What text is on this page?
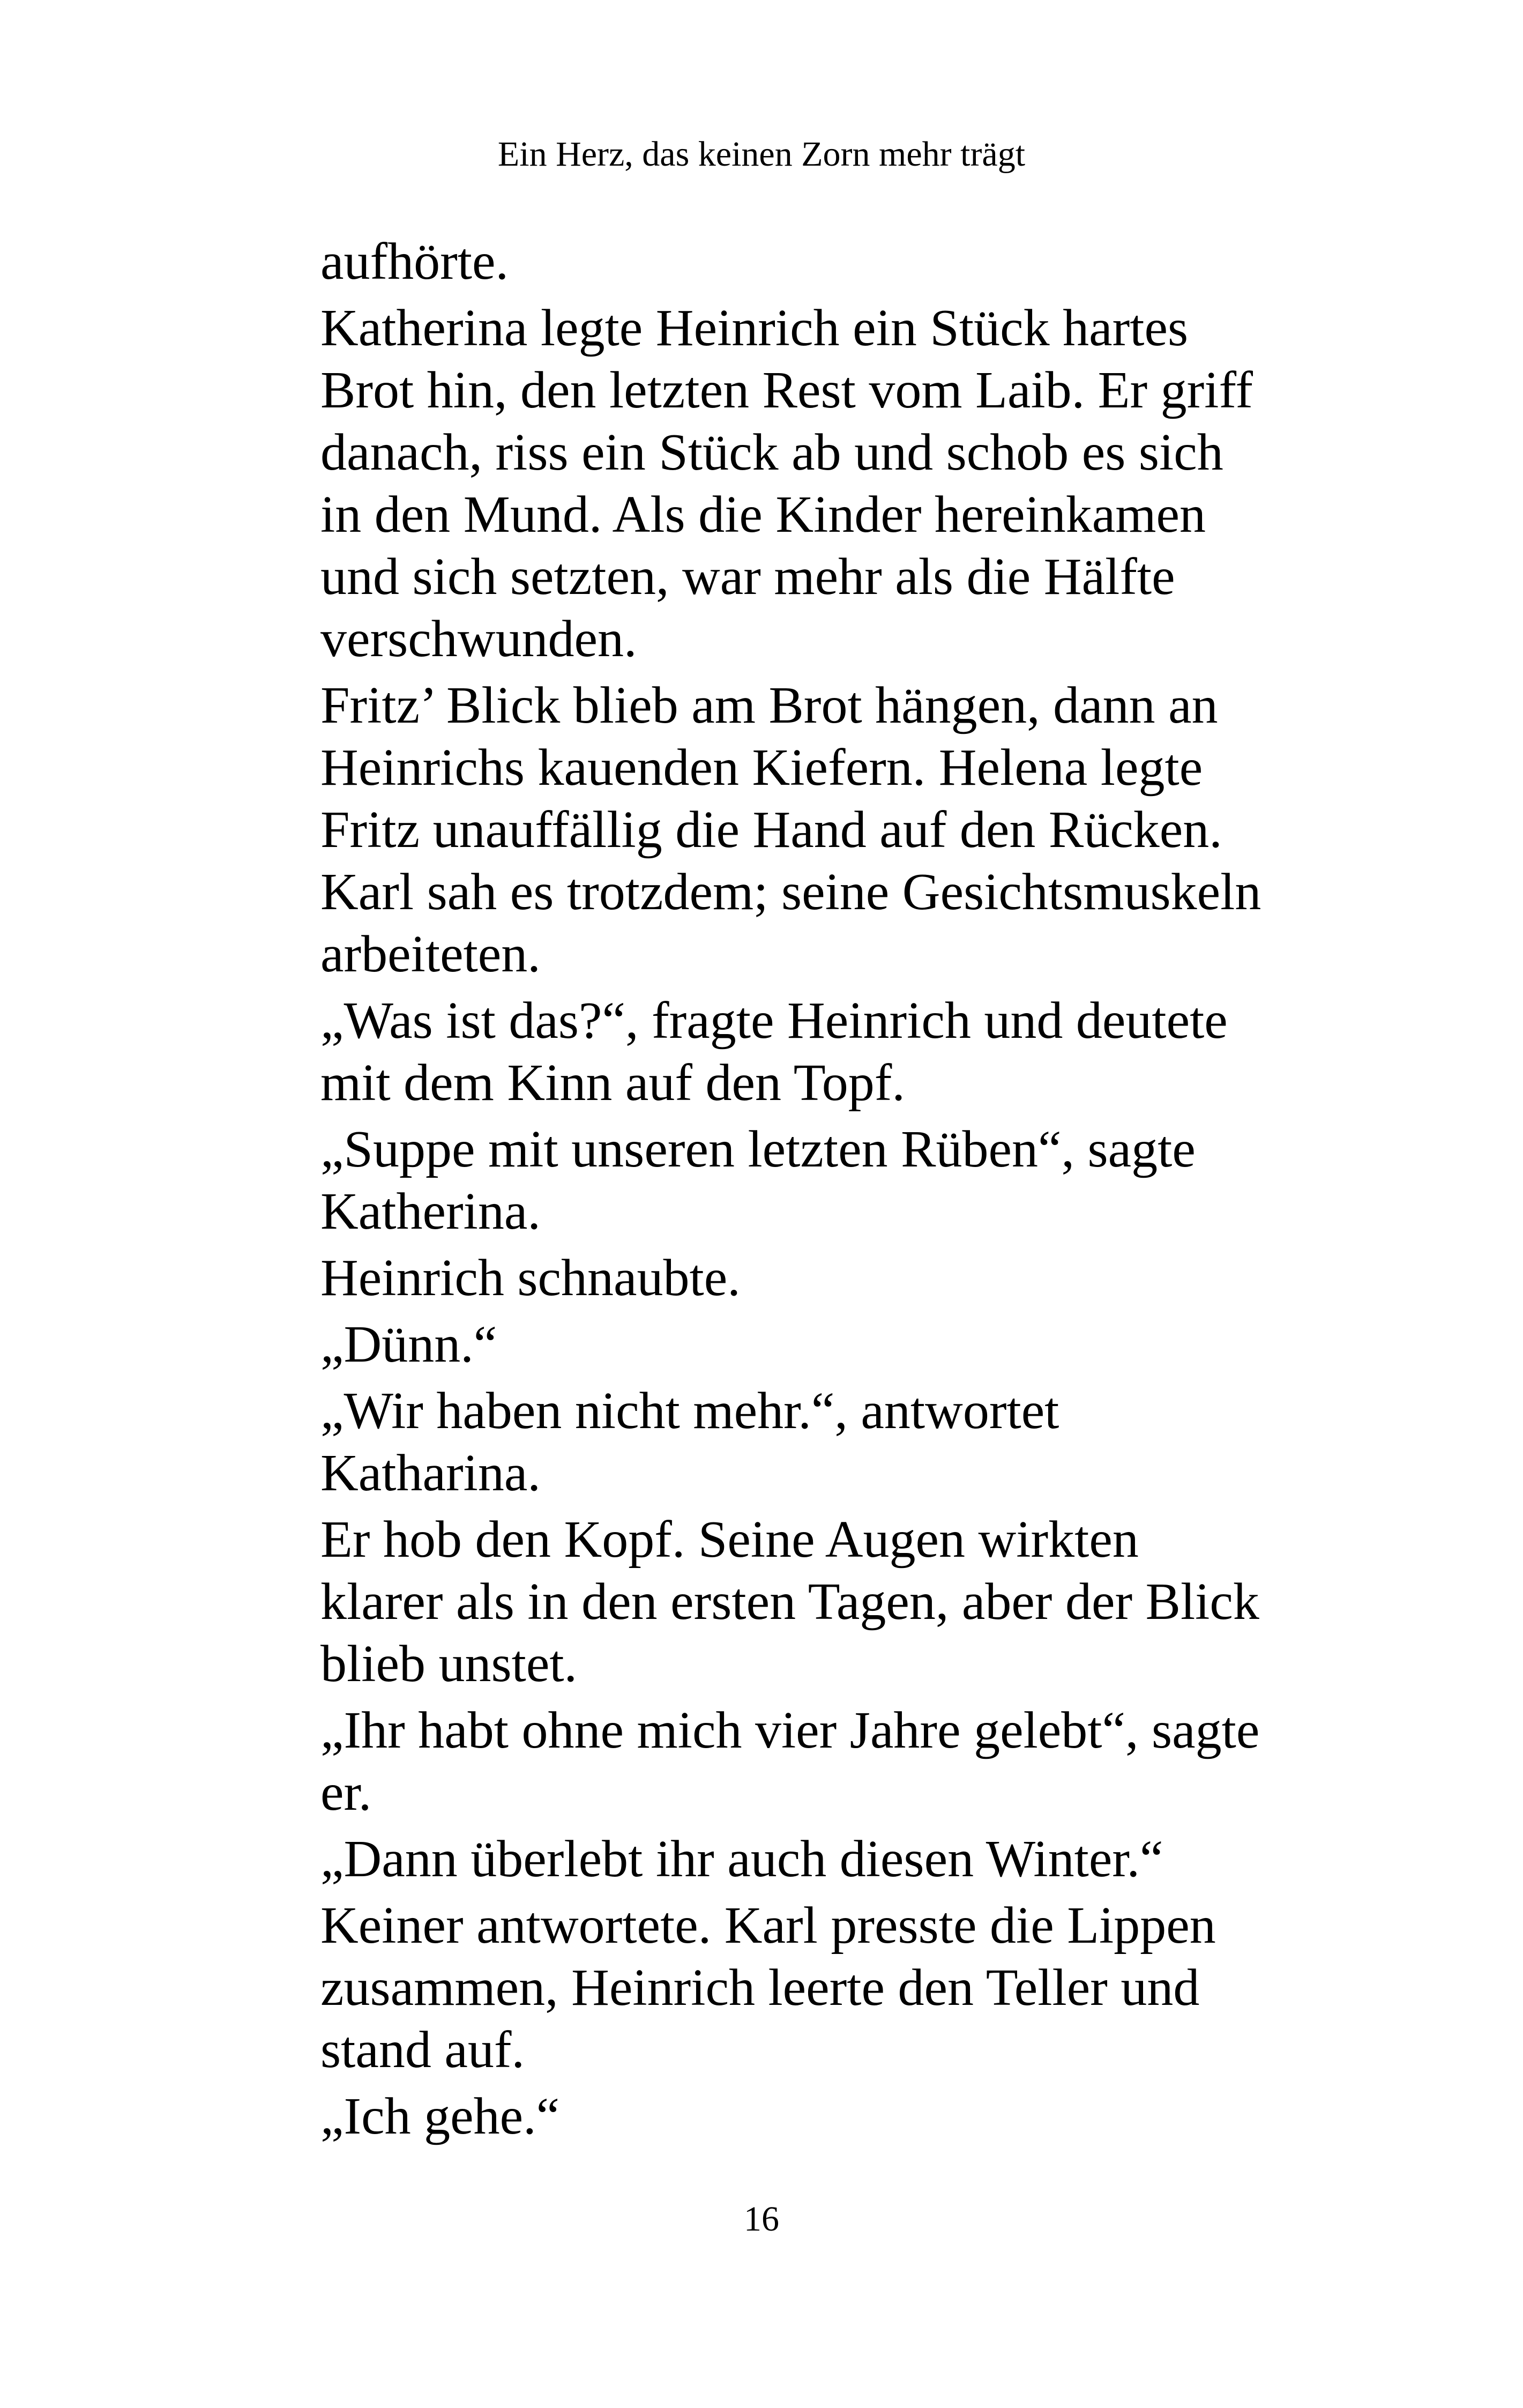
Ein Herz, das keinen Zorn mehr trägt

aufhörte.

Katherina legte Heinrich ein Stück hartes Brot hin, den letzten Rest vom Laib. Er griff danach, riss ein Stück ab und schob es sich in den Mund. Als die Kinder hereinkamen und sich setzten, war mehr als die Hälfte verschwunden.

Fritz’ Blick blieb am Brot hängen, dann an Heinrichs kauenden Kiefern. Helena legte Fritz unauffällig die Hand auf den Rücken. Karl sah es trotzdem; seine Gesichtsmuskeln arbeiteten.

„Was ist das?“, fragte Heinrich und deutete mit dem Kinn auf den Topf.

„Suppe mit unseren letzten Rüben“, sagte Katherina.

Heinrich schnaubte.

„Dünn.“

„Wir haben nicht mehr.“, antwortet Katharina.

Er hob den Kopf. Seine Augen wirkten klarer als in den ersten Tagen, aber der Blick blieb unstet.

„Ihr habt ohne mich vier Jahre gelebt“, sagte er.

„Dann überlebt ihr auch diesen Winter.“

Keiner antwortete. Karl presste die Lippen zusammen, Heinrich leerte den Teller und stand auf.

„Ich gehe.“

16
